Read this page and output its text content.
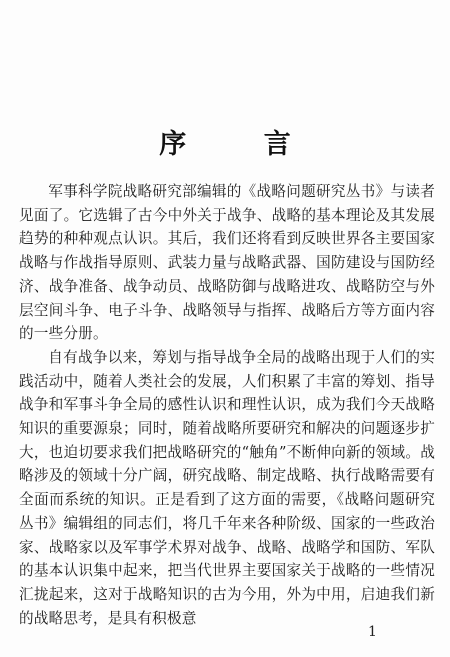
序 言

军事科学院战略研究部编辑的《战略问题研究丛书》与读者见面了。它选辑了古今中外关于战争、战略的基本理论及其发展趋势的种种观点认识。其后，我们还将看到反映世界各主要国家战略与作战指导原则、武装力量与战略武器、国防建设与国防经济、战争准备、战争动员、战略防御与战略进攻、战略防空与外层空间斗争、电子斗争、战略领导与指挥、战略后方等方面内容的一些分册。

自有战争以来，筹划与指导战争全局的战略出现于人们的实践活动中，随着人类社会的发展，人们积累了丰富的筹划、指导战争和军事斗争全局的感性认识和理性认识，成为我们今天战略知识的重要源泉；同时，随着战略所要研究和解决的问题逐步扩大，也迫切要求我们把战略研究的“触角”不断伸向新的领域。战略涉及的领域十分广阔，研究战略、制定战略、执行战略需要有全面而系统的知识。正是看到了这方面的需要，《战略问题研究丛书》编辑组的同志们，将几千年来各种阶级、国家的一些政治家、战略家以及军事学术界对战争、战略、战略学和国防、军队的基本认识集中起来，把当代世界主要国家关于战略的一些情况汇拢起来，这对于战略知识的古为今用，外为中用，启迪我们新的战略思考，是具有积极意

1
